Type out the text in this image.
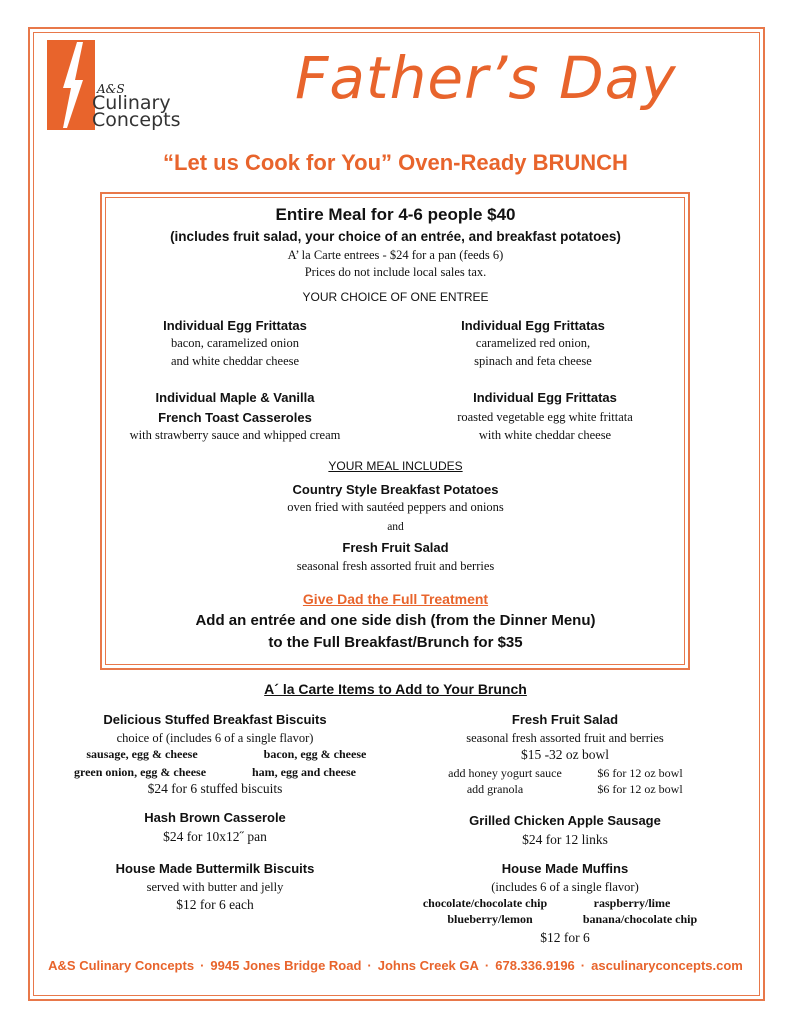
A&S
Culinary
Concepts
Father’s Day
“Let us Cook for You” Oven-Ready BRUNCH
Entire Meal for 4-6 people $40
(includes fruit salad, your choice of an entrée, and breakfast potatoes)
A’ la Carte entrees - $24 for a pan (feeds 6)
Prices do not include local sales tax.
YOUR CHOICE OF ONE ENTREE
Individual Egg Frittatas
bacon, caramelized onion
and white cheddar cheese
Individual Egg Frittatas
caramelized red onion,
spinach and feta cheese
Individual Maple & Vanilla
French Toast Casseroles
with strawberry sauce and whipped cream
Individual Egg Frittatas
roasted vegetable egg white frittata
with white cheddar cheese
YOUR MEAL INCLUDES
Country Style Breakfast Potatoes
oven fried with sautéed peppers and onions
and
Fresh Fruit Salad
seasonal fresh assorted fruit and berries
Give Dad the Full Treatment
Add an entrée and one side dish (from the Dinner Menu)
to the Full Breakfast/Brunch for $35
A´ la Carte Items to Add to Your Brunch
Delicious Stuffed Breakfast Biscuits
choice of (includes 6 of a single flavor)
sausage, egg & cheese	bacon, egg & cheese
green onion, egg & cheese	ham, egg and cheese
$24 for 6 stuffed biscuits
Hash Brown Casserole
$24 for 10x12˝ pan
House Made Buttermilk Biscuits
served with butter and jelly
$12 for 6 each
Fresh Fruit Salad
seasonal fresh assorted fruit and berries
$15 -32 oz bowl
add honey yogurt sauce	$6 for 12 oz bowl
add granola	$6 for 12 oz bowl
Grilled Chicken Apple Sausage
$24 for 12 links
House Made Muffins
(includes 6 of a single flavor)
chocolate/chocolate chip	raspberry/lime
blueberry/lemon	banana/chocolate chip
$12 for 6
A&S Culinary Concepts · 9945 Jones Bridge Road · Johns Creek GA · 678.336.9196 · asculinaryconcepts.com
